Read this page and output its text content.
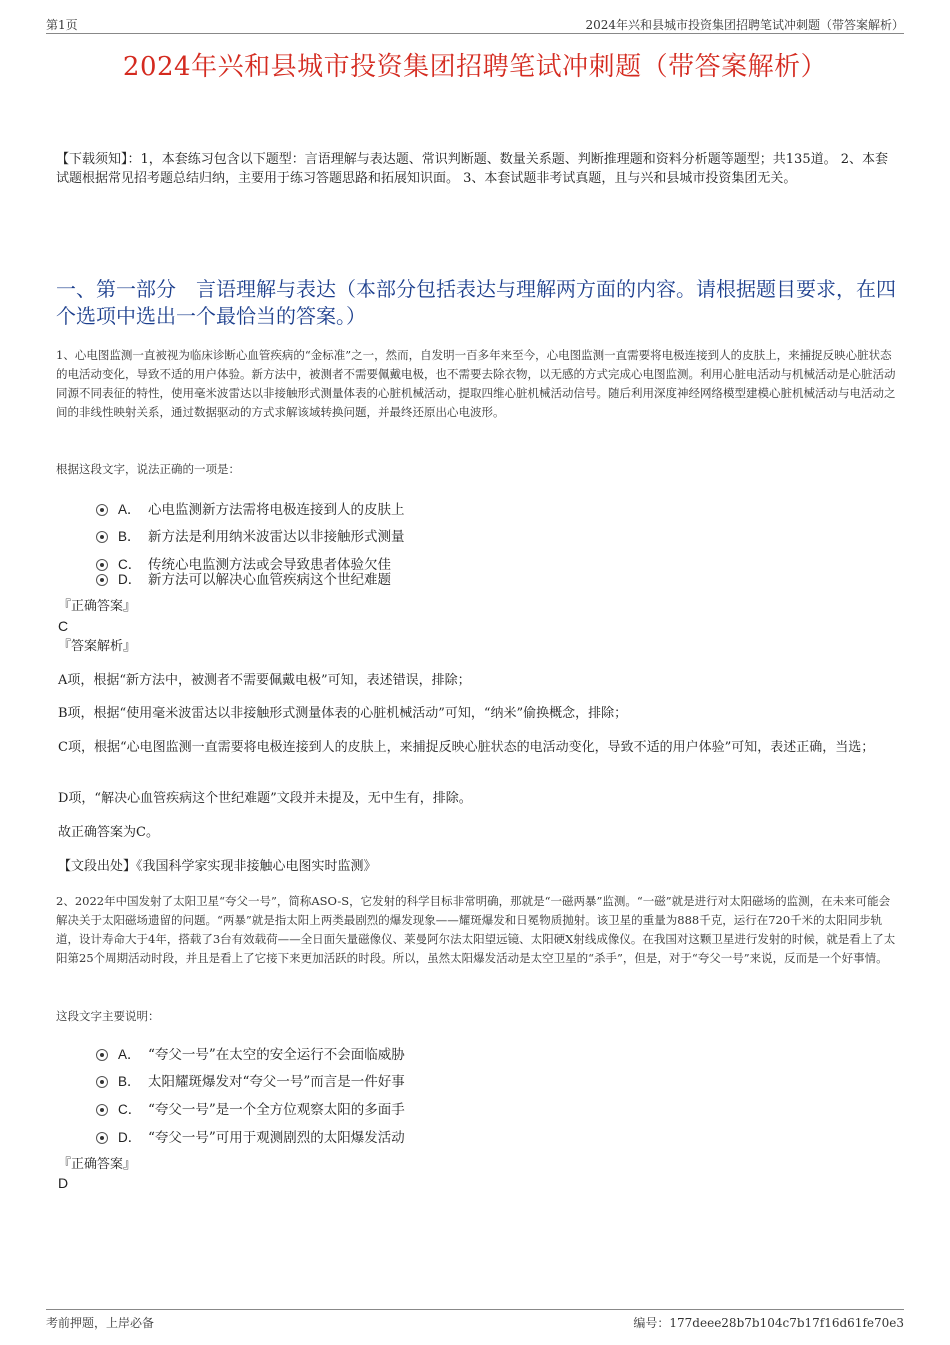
第1页	2024年兴和县城市投资集团招聘笔试冲刺题（带答案解析）
2024年兴和县城市投资集团招聘笔试冲刺题（带答案解析）
【下载须知】：1，本套练习包含以下题型：言语理解与表达题、常识判断题、数量关系题、判断推理题和资料分析题等题型；共135道。 2、本套试题根据常见招考题总结归纳，主要用于练习答题思路和拓展知识面。 3、本套试题非考试真题，且与兴和县城市投资集团无关。
一、第一部分　言语理解与表达（本部分包括表达与理解两方面的内容。请根据题目要求，在四个选项中选出一个最恰当的答案。）
1、心电图监测一直被视为临床诊断心血管疾病的“金标准”之一，然而，自发明一百多年来至今，心电图监测一直需要将电极连接到人的皮肤上，来捕捉反映心脏状态的电活动变化，导致不适的用户体验。新方法中，被测者不需要佩戴电极，也不需要去除衣物，以无感的方式完成心电图监测。利用心脏电活动与机械活动是心脏活动同源不同表征的特性，使用毫米波雷达以非接触形式测量体表的心脏机械活动，提取四维心脏机械活动信号。随后利用深度神经网络模型建模心脏机械活动与电活动之间的非线性映射关系，通过数据驱动的方式求解该域转换问题，并最终还原出心电波形。
根据这段文字，说法正确的一项是：
A． 心电监测新方法需将电极连接到人的皮肤上
B． 新方法是利用纳米波雷达以非接触形式测量
C． 传统心电监测方法或会导致患者体验欠佳
D． 新方法可以解决心血管疾病这个世纪难题
『正确答案』
C
『答案解析』
A项，根据“新方法中，被测者不需要佩戴电极”可知，表述错误，排除；
B项，根据“使用毫米波雷达以非接触形式测量体表的心脏机械活动”可知，“纳米”偷换概念，排除；
C项，根据“心电图监测一直需要将电极连接到人的皮肤上，来捕捉反映心脏状态的电活动变化，导致不适的用户体验”可知，表述正确，当选；
D项，“解决心血管疾病这个世纪难题”文段并未提及，无中生有，排除。
故正确答案为C。
【文段出处】《我国科学家实现非接触心电图实时监测》
2、2022年中国发射了太阳卫星“夸父一号”，简称ASO-S，它发射的科学目标非常明确，那就是“一磁两暴”监测。“一磁”就是进行对太阳磁场的监测，在未来可能会解决关于太阳磁场遗留的问题。“两暴”就是指太阳上两类最剧烈的爆发现象——耀斑爆发和日冕物质抛射。该卫星的重量为888千克，运行在720千米的太阳同步轨道，设计寿命大于4年，搭载了3台有效载荷——全日面矢量磁像仪、莱曼阿尔法太阳望远镜、太阳硬X射线成像仪。在我国对这颗卫星进行发射的时候，就是看上了太阳第25个周期活动时段，并且是看上了它接下来更加活跃的时段。所以，虽然太阳爆发活动是太空卫星的“杀手”，但是，对于“夸父一号”来说，反而是一个好事情。
这段文字主要说明：
A． “夸父一号”在太空的安全运行不会面临威胁
B． 太阳耀斑爆发对“夸父一号”而言是一件好事
C． “夸父一号”是一个全方位观察太阳的多面手
D． “夸父一号”可用于观测剧烈的太阳爆发活动
『正确答案』
D
考前押题，上岸必备	编号：177deee28b7b104c7b17f16d61fe70e3
